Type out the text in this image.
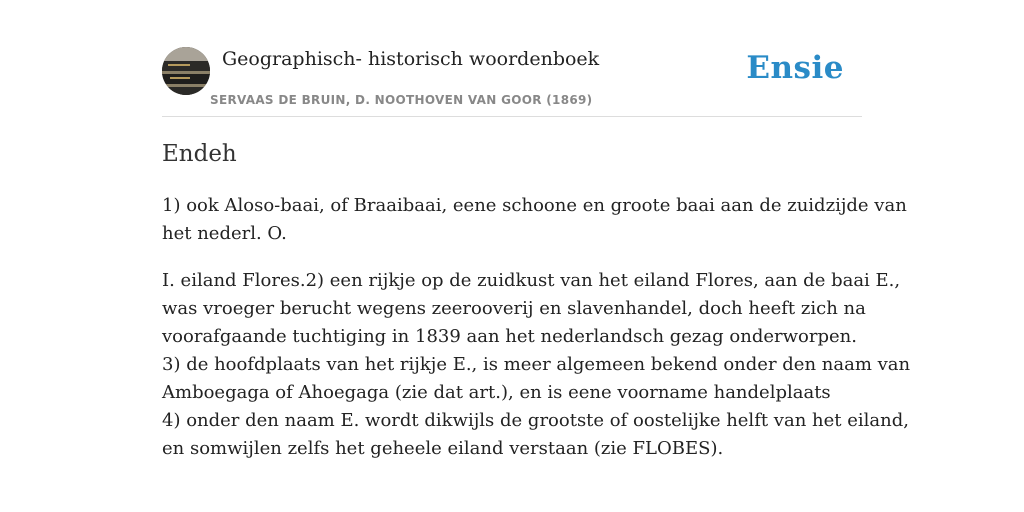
Geographisch- historisch woordenboek
SERVAAS DE BRUIN, D. NOOTHOVEN VAN GOOR (1869)
Ensie
Endeh

1) ook Aloso-baai, of Braaibaai, eene schoone en groote baai aan de zuidzijde van
het nederl. O.

I. eiland Flores.2) een rijkje op de zuidkust van het eiland Flores, aan de baai E.,
was vroeger berucht wegens zeerooverij en slavenhandel, doch heeft zich na
voorafgaande tuchtiging in 1839 aan het nederlandsch gezag onderworpen.
3) de hoofdplaats van het rijkje E., is meer algemeen bekend onder den naam van
Amboegaga of Ahoegaga (zie dat art.), en is eene voorname handelplaats
4) onder den naam E. wordt dikwijls de grootste of oostelijke helft van het eiland,
en somwijlen zelfs het geheele eiland verstaan (zie FLOBES).
